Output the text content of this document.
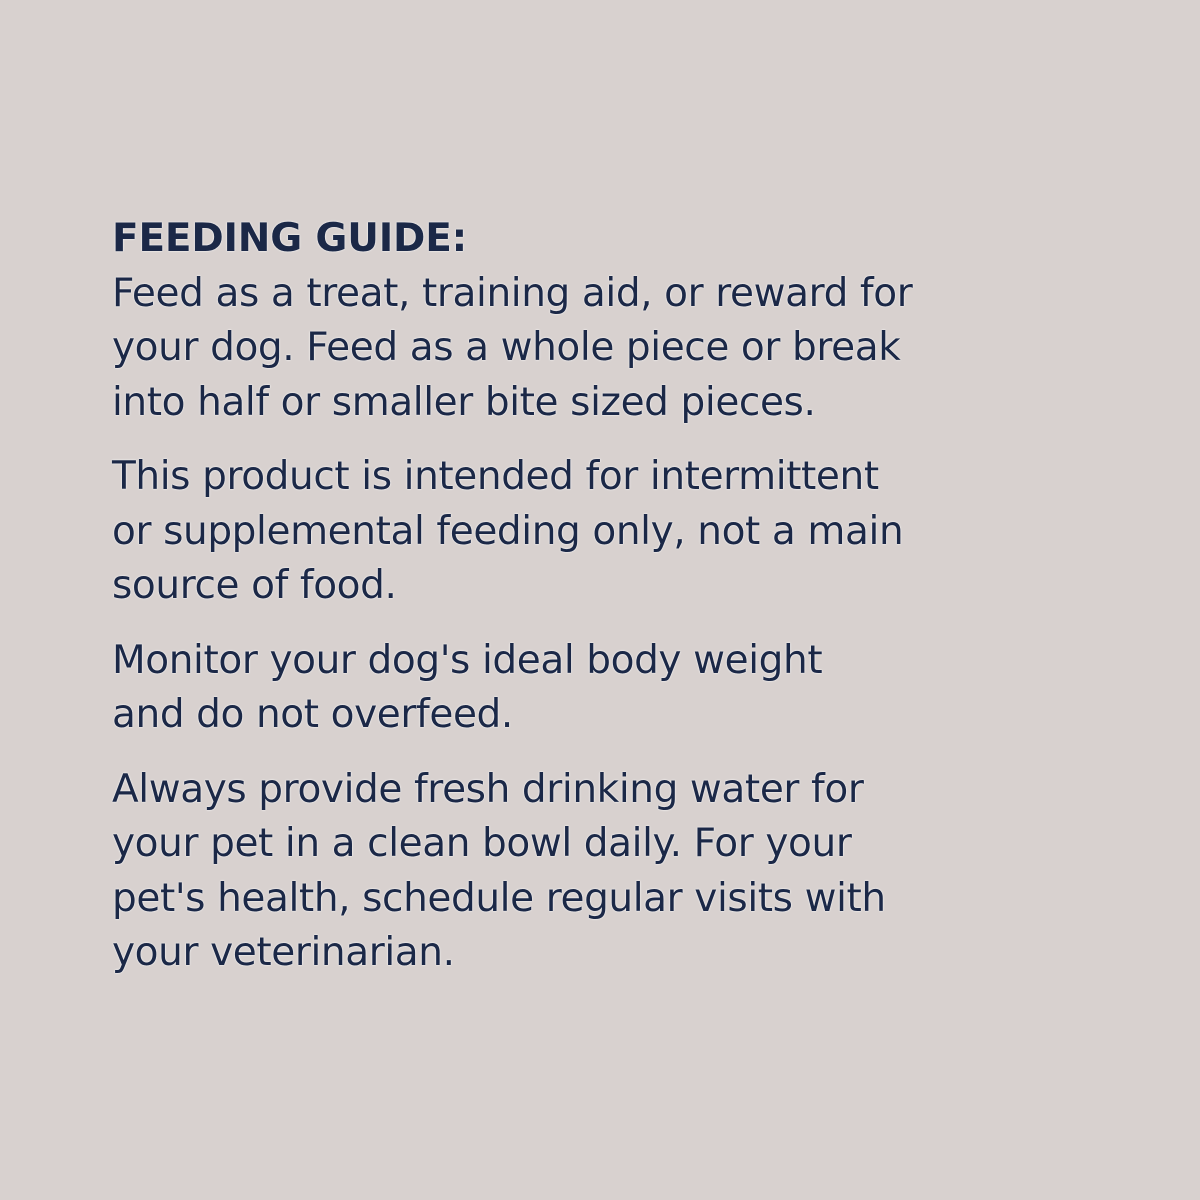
FEEDING GUIDE:
Feed as a treat, training aid, or reward for
your dog. Feed as a whole piece or break
into half or smaller bite sized pieces.
This product is intended for intermittent
or supplemental feeding only, not a main
source of food.
Monitor your dog's ideal body weight
and do not overfeed.
Always provide fresh drinking water for
your pet in a clean bowl daily. For your
pet's health, schedule regular visits with
your veterinarian.
